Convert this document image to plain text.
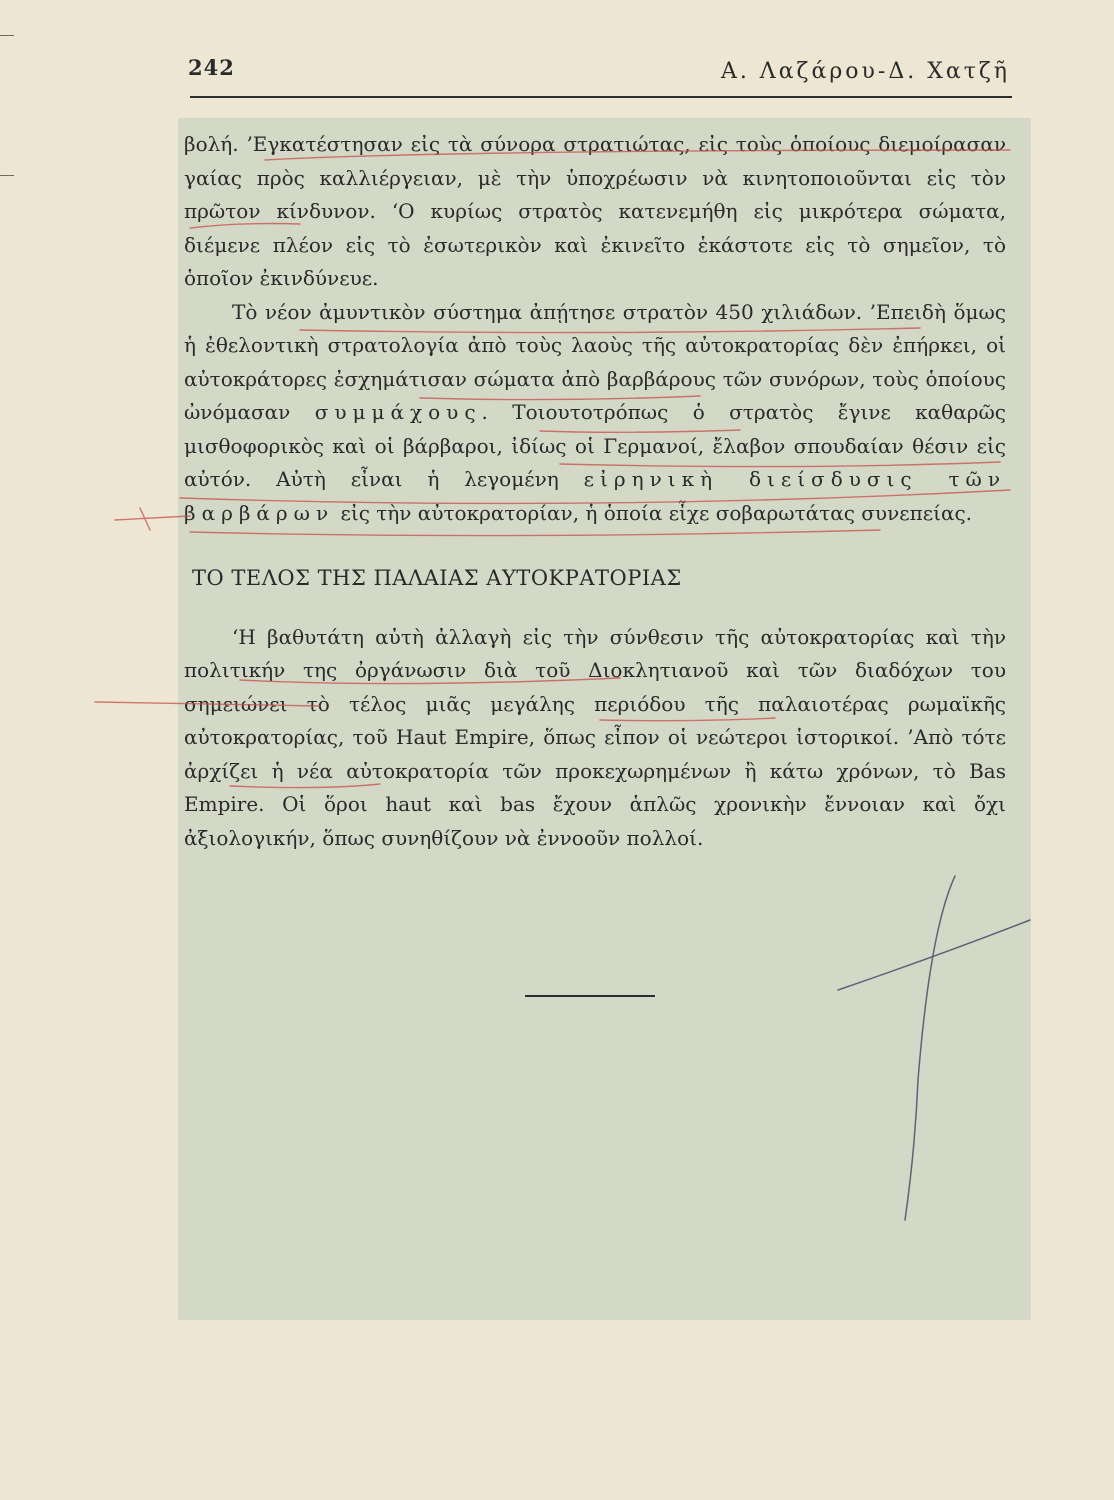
242	Α. Λαζάρου-Δ. Χατζῆ

βολή. ’Εγκατέστησαν εἰς τὰ σύνορα στρατιώτας, εἰς τοὺς ὁποίους διεμοίρασαν γαίας πρὸς καλλιέργειαν, μὲ τὴν ὑποχρέωσιν νὰ κινητοποιοῦνται εἰς τὸν πρῶτον κίνδυνον. ‘Ο κυρίως στρατὸς κατενεμήθη εἰς μικρότερα σώματα, διέμενε πλέον εἰς τὸ ἐσωτερικὸν καὶ ἐκινεῖτο ἑκάστοτε εἰς τὸ σημεῖον, τὸ ὁποῖον ἐκινδύνευε.

Τὸ νέον ἀμυντικὸν σύστημα ἀπῄτησε στρατὸν 450 χιλιάδων. ’Επειδὴ ὅμως ἡ ἐθελοντικὴ στρατολογία ἀπὸ τοὺς λαοὺς τῆς αὐτοκρατορίας δὲν ἐπήρκει, οἱ αὐτοκράτορες ἐσχημάτισαν σώματα ἀπὸ βαρβάρους τῶν συνόρων, τοὺς ὁποίους ὠνόμασαν συμμάχους. Τοιουτοτρόπως ὁ στρατὸς ἔγινε καθαρῶς μισθοφορικὸς καὶ οἱ βάρβαροι, ἰδίως οἱ Γερμανοί, ἔλαβον σπουδαίαν θέσιν εἰς αὐτόν. Αὐτὴ εἶναι ἡ λεγομένη εἰρηνικὴ διείσδυσις τῶν βαρβάρων εἰς τὴν αὐτοκρατορίαν, ἡ ὁποία εἶχε σοβαρωτάτας συνεπείας.

ΤΟ ΤΕΛΟΣ ΤΗΣ ΠΑΛΑΙΑΣ ΑΥΤΟΚΡΑΤΟΡΙΑΣ

‘Η βαθυτάτη αὐτὴ ἀλλαγὴ εἰς τὴν σύνθεσιν τῆς αὐτοκρατορίας καὶ τὴν πολιτικήν της ὀργάνωσιν διὰ τοῦ Διοκλητιανοῦ καὶ τῶν διαδόχων του σημειώνει τὸ τέλος μιᾶς μεγάλης περιόδου τῆς παλαιοτέρας ρωμαϊκῆς αὐτοκρατορίας, τοῦ Haut Empire, ὅπως εἶπον οἱ νεώτεροι ἱστορικοί. ’Απὸ τότε ἀρχίζει ἡ νέα αὐτοκρατορία τῶν προκεχωρημένων ἢ κάτω χρόνων, τὸ Bas Empire. Οἱ ὅροι haut καὶ bas ἔχουν ἁπλῶς χρονικὴν ἔννοιαν καὶ ὄχι ἀξιολογικήν, ὅπως συνηθίζουν νὰ ἐννοοῦν πολλοί.
